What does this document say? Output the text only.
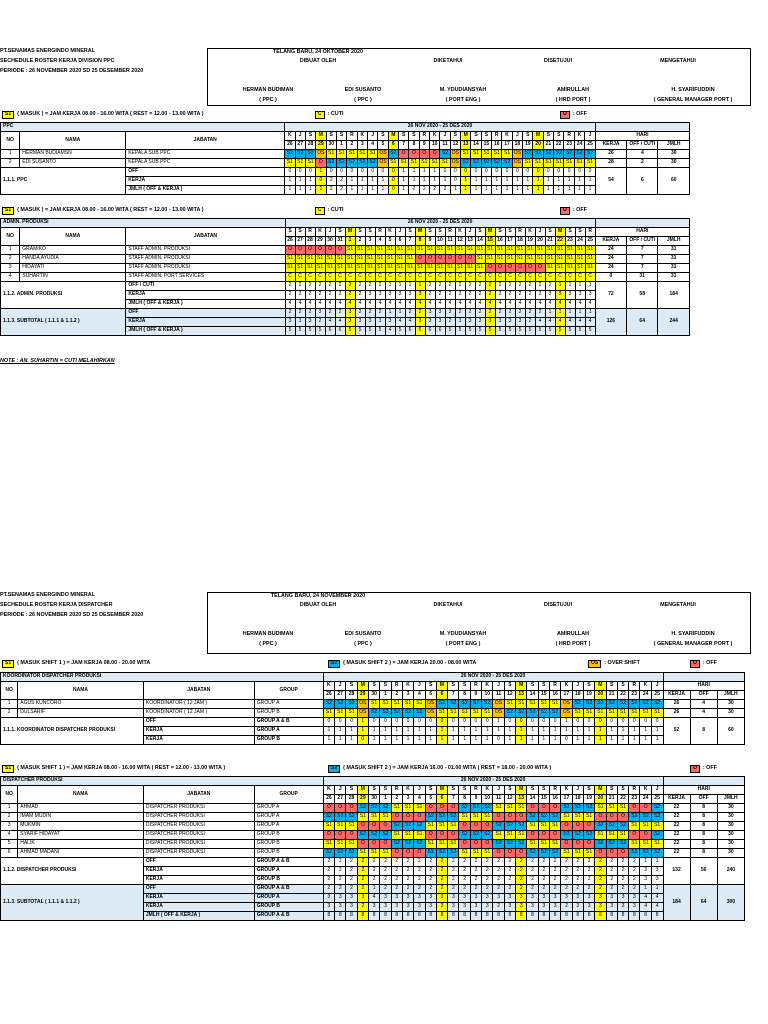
PT.SENAMAS ENERGINDO MINERAL
SECHEDULE ROSTER KERJA DIVISION PPC
PERIODE : 26 NOVEMBER 2020 SD 25 DESEMBER 2020
TELANG BARU, 24 OKTOBER 2020
DIBUAT OLEH	DIKETAHUI	DISETUJUI	MENGETAHUI
HERMAN BUDIMAN
( PPC )
EDI SUSANTO
( PPC )
M. YDUDIANSYAH
( PORT ENG )
AMIRULLAH
( HRD PORT )
H. SYARIFUDDIN
( GENERAL MANAGER PORT )
S1 ( MASUK ) = JAM KERJA 08.00 - 16.00 WITA ( REST = 12.00 - 13.00 WITA )	C : CUTI	O : OFF
PPC			26 NOV 2020 - 25 DES 2020																																
NO	NAMA	JABATAN	K	J	S	M	S	S	R	K	J	S	M	S	S	R	K	J	S	M	S	S	R	K	J	S	M	S	S	R	K	J	HARI		
			26	27	28	29	30	1	2	3	4	5	6	7	8	9	10	11	12	13	14	15	16	17	18	19	20	21	22	23	24	25	KERJA	OFF / CUTI	JMLH
1	HERMAN BUDIAMSN	KEPALA SUB PPC	S2	S2	S2	OS	S1	S1	S1	S1	S1	OS	S2	O	O	O	O	S2	OS	S1	S1	S1	S1	S1	OS	S2	S2	S2	S2	S2	S2	S2	26	4	30
2	EDI SUSANTO	KEPALA SUB PPC	S1	S1	S1	O	S2	S2	S2	S2	S2	OS	S1	S1	S1	S1	S1	S1	OS	S2	S2	S2	S2	S2	OS	S1	S1	S1	S1	S1	S1	S1	28	2	30
1.1.1. PPC		OFF	0	0	0	1	0	0	0	0	0	0	0	1	1	1	1	0	0	0	0	0	0	0	0	0	0	0	0	0	0	0	54	6	60
		KERJA	1	1	1	0	2	2	1	1	1	1	0	1	1	1	1	1	0	1	1	1	1	1	1	1	1	1	1	1	1	1			
		JMLH ( OFF & KERJA )	1	1	1	1	2	2	1	1	1	1	0	1	2	2	2	2	1	1	1	1	1	1	1	1	1	1	1	1	1	1			
S1 ( MASUK ) = JAM KERJA 08.00 - 16.00 WITA ( REST = 12.00 - 13.00 WITA )	C : CUTI	O : OFF
ADMIN. PRODUKSI			26 NOV 2020 - 25 DES 2020																																	
NO	NAMA	JABATAN	S	S	R	K	J	S	M	S	S	R	K	J	S	M	S	S	R	K	J	S	M	S	S	R	K	J	S	M	S	S	R	HARI		
			26	27	28	29	30	31	1	2	3	4	5	6	7	8	9	10	11	12	13	14	15	16	17	18	19	20	21	22	23	24	25	KERJA	OFF / CUTI	JMLH
1	GRAMIKO	STAFF ADMIN. PRODUKSI	O	O	O	O	O	O	S1	S1	S1	S1	S1	S1	S1	S1	S1	S1	S1	S1	S1	S1	S1	S1	S1	S1	S1	S1	S1	S1	S1	S1	S1	24	7	31
2	HANDA AYUDIA	STAFF ADMIN. PRODUKSI	S1	S1	S1	S1	S1	S1	S1	S1	S1	S1	S1	S1	S1	O	O	O	O	O	O	S1	S1	S1	S1	S1	S1	S1	S1	S1	S1	S1	S1	24	7	31
3	HIDAYATI	STAFF ADMIN. PRODUKSI	S1	S1	S1	S1	S1	S1	S1	S1	S1	S1	S1	S1	S1	S1	S1	S1	S1	S1	S1	S1	O	O	O	O	O	O	S1	S1	S1	S1	S1	24	7	31
4	SUHARTIN	STAFF ADMIN. PORT SERVICES	C	C	C	C	C	C	C	C	C	C	C	C	C	C	C	C	C	C	C	C	C	C	C	C	C	C	C	C	C	C	C	0	31	31
1.1.2. ADMIN. PRODUKSI		OFF / CUTI	2	2	2	2	2	2	2	2	2	2	1	1	1	1	2	2	2	2	2	2	2	2	2	2	2	2	2	1	1	1	1	72	58	184
		KERJA	2	2	2	2	2	2	2	2	3	3	3	3	3	3	2	2	2	2	2	2	2	2	2	2	2	2	3	3	3	3	3			
		JMLH ( OFF & KERJA )	4	4	4	4	4	4	4	4	4	4	4	4	4	4	4	4	4	4	4	4	4	4	4	4	4	4	4	4	4	4	4			
1.1.3. SUBTOTAL ( 1.1.1 & 1.1.2 )		OFF	2	2	2	3	2	2	3	2	2	2	1	1	2	2	3	3	3	2	2	2	2	2	2	2	2	2	1	1	1	1	1	126	64	244
		KERJA	3	3	3	2	4	4	3	3	3	3	3	4	4	3	3	3	2	3	3	3	3	3	3	3	2	4	4	4	4	4	4			
		JMLH ( OFF & KERJA )	5	5	5	5	6	6	5	5	5	5	4	5	6	6	6	6	5	5	5	5	5	5	5	5	5	5	5	5	5	5	5			
NOTE : AN. SUHARTIN = CUTI MELAHIRKAN
PT.SENAMAS ENERGINDO MINERAL
SECHEDULE ROSTER KERJA DISPATCHER
PERIODE : 26 NOVEMBER 2020 SD 25 DESEMBER 2020
TELANG BARU, 24 NOVEMBER 2020
DIBUAT OLEH	DIKETAHUI	DISETUJUI	MENGETAHUI
HERMAN BUDIMAN
( PPC )
EDI SUSANTO
( PPC )
M. YDUDIANSYAH
( PORT ENG )
AMIRULLAH
( HRD PORT )
H. SYARIFUDDIN
( GENERAL MANAGER PORT )
S1 ( MASUK SHIFT 1 ) = JAM KERJA 08.00 - 20.00 WITA	S2 ( MASUK SHIFT 2 ) = JAM KERJA 20.00 - 08.00 WITA	OS : OVER SHIFT	O : OFF
KOORDINATOR DISPATCHER PRODUKSI				26 NOV 2020 - 25 DES 2020																																
NO	NAMA	JABATAN	GROUP	K	J	S	M	S	S	R	K	J	S	M	S	S	R	K	J	S	M	S	S	R	K	J	S	M	S	S	R	K	J	HARI		
				26	27	28	29	30	1	2	3	4	5	6	7	8	9	10	11	12	13	14	15	16	17	18	19	20	21	22	23	24	25	KERJA	OFF	JMLH
1	AGUS KUNCORO	KOORDINATOR ( 12 JAM )	GROUP A	S2	S2	S2	OS	S1	S1	S1	S1	S1	OS	S2	S2	S2	S2	S2	OS	S1	S1	S1	S1	S1	OS	S2	S2	S2	S2	S2	S2	S2	S2	26	4	30
2	DULSARIF	KOORDINATOR ( 12 JAM )	GROUP B	S1	S1	S1	OS	S2	S2	S2	S2	S2	OS	S1	S1	S1	S1	S1	OS	S2	S2	S2	S2	S2	OS	S1	S1	S1	S1	S1	S1	S1	S1	26	4	30
1.1.1. KOORDINATOR DISPATCHER PRODUKSI		OFF	GROUP A & B	0	0	0	1	0	0	0	0	0	0	0	0	0	0	0	1	0	0	0	0	0	1	0	0	0	0	0	0	0	0	52	8	60
		KERJA	GROUP A	1	1	1	1	1	1	1	1	1	1	1	1	1	1	1	1	1	1	1	1	1	1	1	1	1	1	1	1	1	1			
		KERJA	GROUP B	1	1	1	0	1	1	1	1	1	1	1	1	1	1	1	0	1	1	1	1	1	0	1	1	1	1	1	1	1	1			
S1 ( MASUK SHIFT 1 ) = JAM KERJA 08.00 - 16.00 WITA ( REST = 12.00 - 13.00 WITA )	S2 ( MASUK SHIFT 2 ) = JAM KERJA 16.00 - 01.00 WITA ( REST = 18.00 - 20.00 WITA )	O : OFF
DISPATCHER PRODUKSI				26 NOV 2020 - 25 DES 2020																																
NO	NAMA	JABATAN	GROUP	K	J	S	M	S	S	R	K	J	S	M	S	S	R	K	J	S	M	S	S	R	K	J	S	M	S	S	R	K	J	HARI		
				26	27	28	29	30	1	2	3	4	5	6	7	8	9	10	11	12	13	14	15	16	17	18	19	20	21	22	23	24	25	KERJA	OFF	JMLH
1	AHMAD	DISPATCHER PRODUKSI	GROUP A	O	O	O	S2	S2	S2	S1	S1	S1	O	O	O	S2	S2	S2	S1	S1	S1	O	O	O	S2	S2	S2	S1	S1	S1	O	O	S2	22	8	30
2	IMAM MUDIN	DISPATCHER PRODUKSI	GROUP A	S2	S2	S2	S1	S1	S1	O	O	O	S2	S2	S2	S1	S1	S1	O	O	O	S2	S2	S2	S1	S1	S1	O	O	O	S2	S2	S2	22	8	30
3	MUKMIN	DISPATCHER PRODUKSI	GROUP A	S1	S1	S1	O	O	O	S2	S2	S2	S1	S1	S1	O	O	O	S2	S2	S2	S1	S1	S1	O	O	O	S2	S2	S2	S1	S1	S1	22	8	30
4	SYARIF HIDAYAT	DISPATCHER PRODUKSI	GROUP B	O	O	O	S2	S2	S2	S1	S1	S1	O	O	O	S2	S2	S2	S1	S1	S1	O	O	O	S2	S2	S2	S1	S1	S1	O	O	S2	22	8	30
5	HALIK	DISPATCHER PRODUKSI	GROUP B	S1	S1	S1	O	O	O	S2	S2	S2	S1	S1	S1	O	O	O	S2	S2	S2	S1	S1	S1	O	O	O	S2	S2	S2	S1	S1	S1	22	8	30
6	AHMAD MADANI	DISPATCHER PRODUKSI	GROUP B	S2	S2	S2	S1	S1	S1	O	O	O	S2	S2	S2	S1	S1	S1	O	O	O	S2	S2	S2	S1	S1	S1	O	O	O	S2	S2	S2	22	8	30
1.1.2. DISPATCHER PRODUKSI		OFF	GROUP A & B	2	2	2	2	2	2	2	2	2	2	2	2	2	2	2	2	2	2	2	2	2	2	2	2	2	2	2	2	1	1	132	56	240
		KERJA	GROUP A	2	2	2	2	2	2	2	2	2	2	2	2	2	2	2	2	2	2	2	2	2	2	2	2	2	2	2	2	3	3			
		KERJA	GROUP B	2	2	2	2	2	2	2	2	2	2	2	2	2	2	2	2	2	2	2	2	2	2	2	2	2	2	2	2	3	3			
1.1.3. SUBTOTAL ( 1.1.1 & 1.1.2 )		OFF	GROUP A & B	2	2	2	2	1	2	2	2	2	2	2	2	2	2	2	2	2	2	2	2	2	2	2	2	2	2	2	2	1	1	184	64	300
		KERJA	GROUP A	3	3	3	3	4	3	3	3	3	3	3	3	3	3	3	3	3	3	3	3	3	3	3	3	3	3	3	3	4	4			
		KERJA	GROUP B	3	3	3	2	3	3	3	3	3	3	3	3	3	3	3	2	3	3	3	3	3	2	3	3	3	3	3	3	4	4			
		JMLH ( OFF & KERJA )	GROUP A & B	8	8	8	8	8	8	8	8	8	8	8	8	8	8	8	8	8	8	8	8	8	8	8	8	8	8	8	8	8	8			
